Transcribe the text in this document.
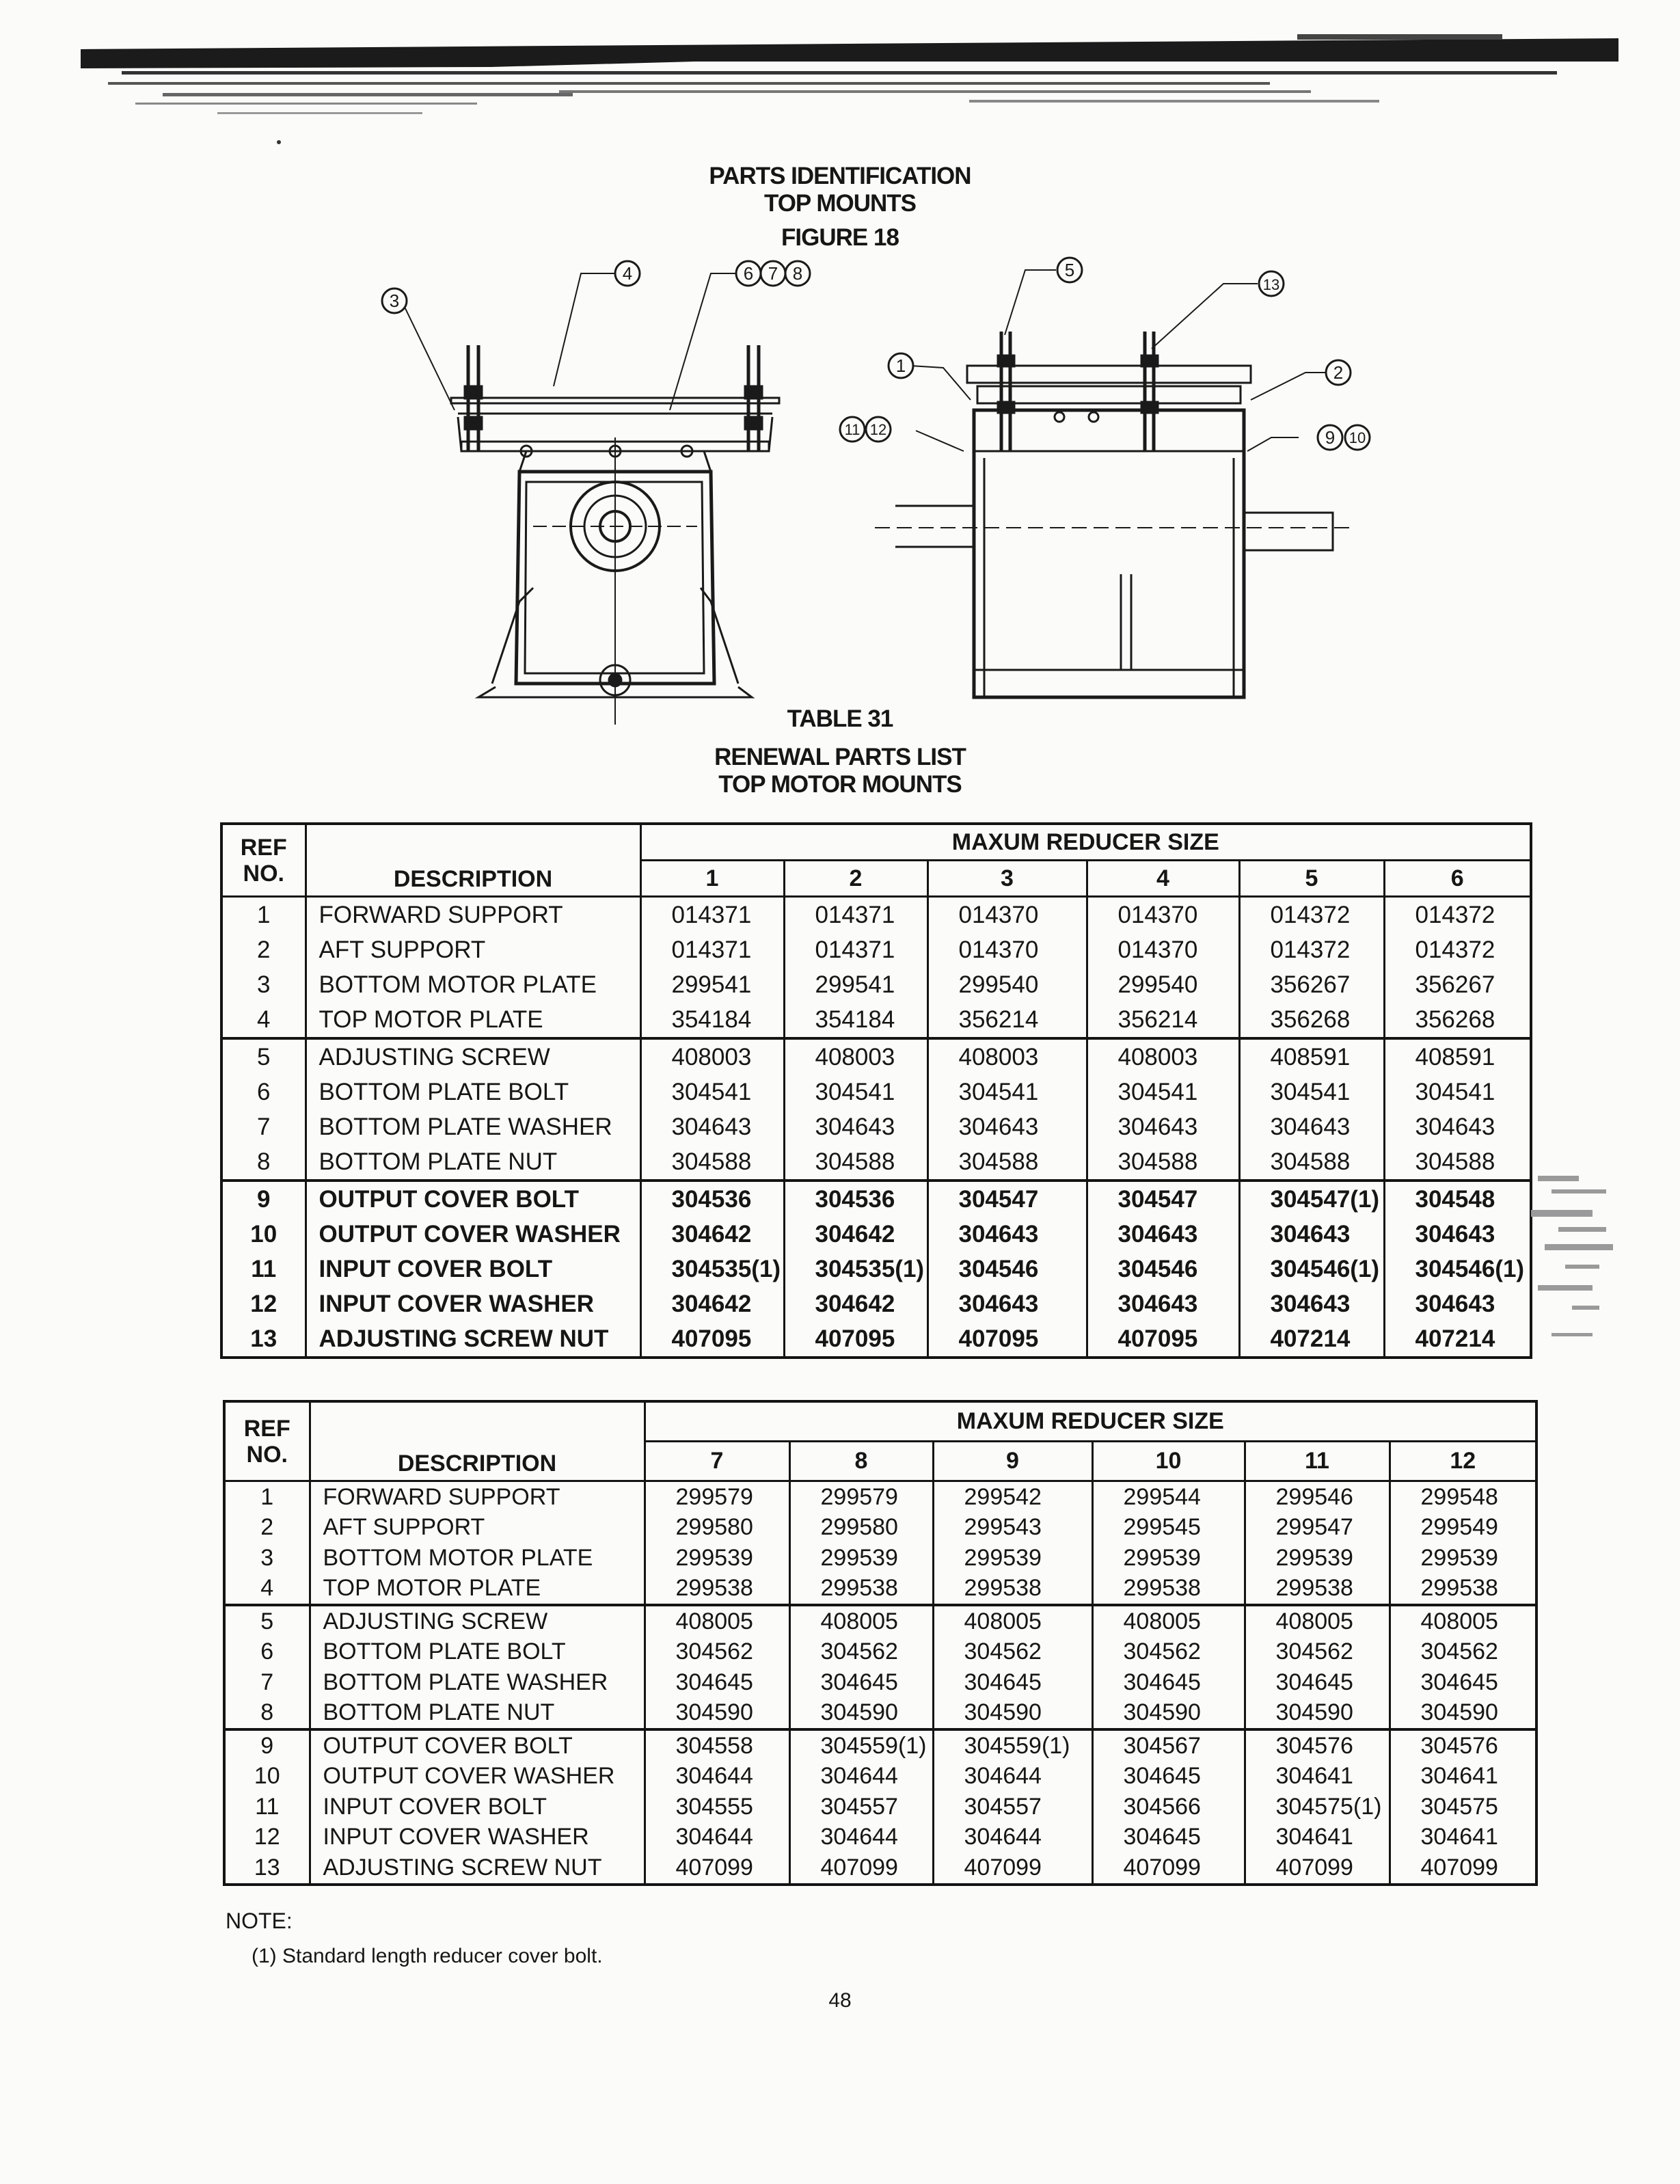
PARTS IDENTIFICATION
TOP MOUNTS
FIGURE 18
3
4	6 7 8	5
13
1	2
11 12	9 10
TABLE 31
RENEWAL PARTS LIST
TOP MOTOR MOUNTS
REF
NO.	DESCRIPTION	MAXUM REDUCER SIZE					
		1	2	3	4	5	6
1	FORWARD SUPPORT	014371	014371	014370	014370	014372	014372
2	AFT SUPPORT	014371	014371	014370	014370	014372	014372
3	BOTTOM MOTOR PLATE	299541	299541	299540	299540	356267	356267
4	TOP MOTOR PLATE	354184	354184	356214	356214	356268	356268
5	ADJUSTING SCREW	408003	408003	408003	408003	408591	408591
6	BOTTOM PLATE BOLT	304541	304541	304541	304541	304541	304541
7	BOTTOM PLATE WASHER	304643	304643	304643	304643	304643	304643
8	BOTTOM PLATE NUT	304588	304588	304588	304588	304588	304588
9	OUTPUT COVER BOLT	304536	304536	304547	304547	304547(1)	304548
10	OUTPUT COVER WASHER	304642	304642	304643	304643	304643	304643
11	INPUT COVER BOLT	304535(1)	304535(1)	304546	304546	304546(1)	304546(1)
12	INPUT COVER WASHER	304642	304642	304643	304643	304643	304643
13	ADJUSTING SCREW NUT	407095	407095	407095	407095	407214	407214
REF
NO.	DESCRIPTION	MAXUM REDUCER SIZE					
		7	8	9	10	11	12
1	FORWARD SUPPORT	299579	299579	299542	299544	299546	299548
2	AFT SUPPORT	299580	299580	299543	299545	299547	299549
3	BOTTOM MOTOR PLATE	299539	299539	299539	299539	299539	299539
4	TOP MOTOR PLATE	299538	299538	299538	299538	299538	299538
5	ADJUSTING SCREW	408005	408005	408005	408005	408005	408005
6	BOTTOM PLATE BOLT	304562	304562	304562	304562	304562	304562
7	BOTTOM PLATE WASHER	304645	304645	304645	304645	304645	304645
8	BOTTOM PLATE NUT	304590	304590	304590	304590	304590	304590
9	OUTPUT COVER BOLT	304558	304559(1)	304559(1)	304567	304576	304576
10	OUTPUT COVER WASHER	304644	304644	304644	304645	304641	304641
11	INPUT COVER BOLT	304555	304557	304557	304566	304575(1)	304575
12	INPUT COVER WASHER	304644	304644	304644	304645	304641	304641
13	ADJUSTING SCREW NUT	407099	407099	407099	407099	407099	407099
NOTE:
(1) Standard length reducer cover bolt.
48
